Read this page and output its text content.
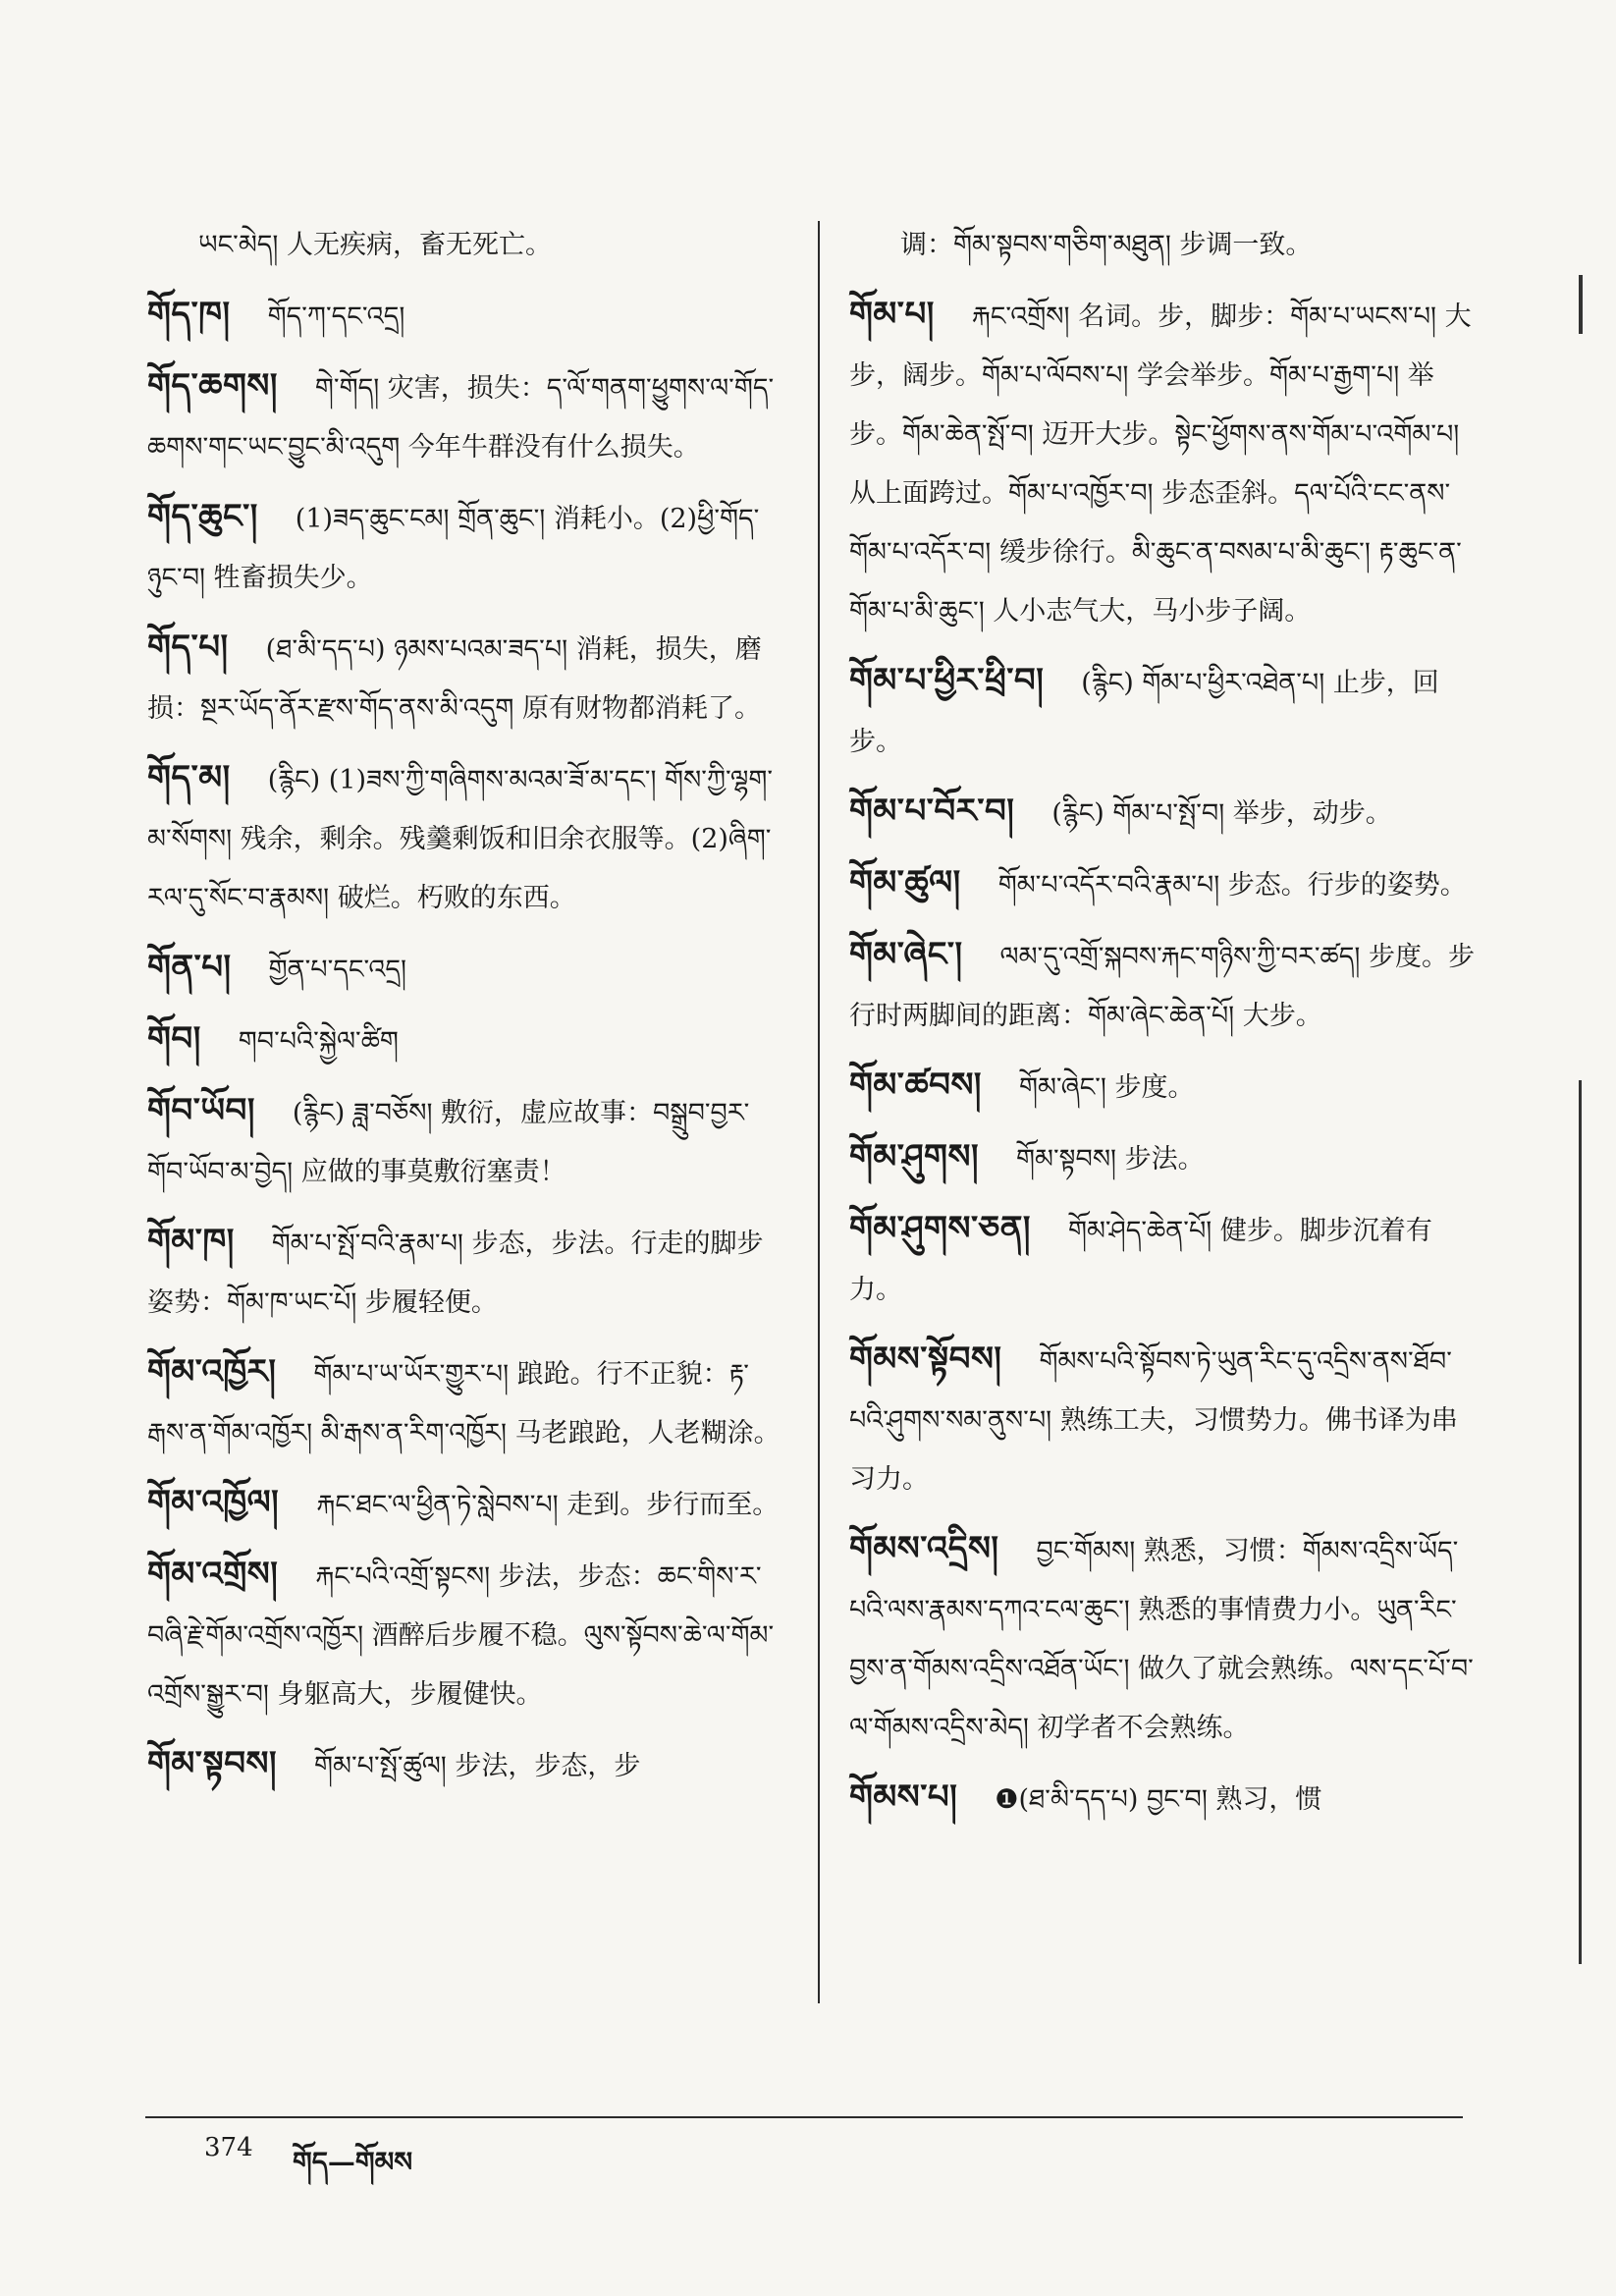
ཡང་མེད། 人无疾病，畜无死亡。
གོད་ཁ། གོད་ཀ་དང་འདྲ།
གོད་ཆགས། གེ་གོད། 灾害，损失：ད་ལོ་གནག་ཕྱུགས་ལ་གོད་ཆགས་གང་ཡང་བྱུང་མི་འདུག 今年牛群没有什么损失。
གོད་ཆུང་། (1)ཟད་ཆུང་ངམ། གྲོན་ཆུང་། 消耗小。(2)ཕྱི་གོད་ཉུང་བ། 牲畜损失少。
གོད་པ། (ཐ་མི་དད་པ) ཉམས་པའམ་ཟད་པ། 消耗，损失，磨损：སྔར་ཡོད་ནོར་རྫས་གོད་ནས་མི་འདུག 原有财物都消耗了。
གོད་མ། (རྙིང) (1)ཟས་ཀྱི་གཞིགས་མའམ་ཟོ་མ་དང་། གོས་ཀྱི་ལྷག་མ་སོགས། 残余，剩余。残羹剩饭和旧余衣服等。(2)ཞིག་རལ་དུ་སོང་བ་རྣམས། 破烂。朽败的东西。
གོན་པ། གྱོན་པ་དང་འདྲ།
གོབ། གབ་པའི་སྐྱེལ་ཚིག
གོབ་ཡོབ། (རྙིང) ཟླ་བཅོས། 敷衍，虚应故事：བསྒྲུབ་བྱར་གོབ་ཡོབ་མ་བྱེད། 应做的事莫敷衍塞责！
གོམ་ཁ། གོམ་པ་སྤོ་བའི་རྣམ་པ། 步态，步法。行走的脚步姿势：གོམ་ཁ་ཡང་པོ། 步履轻便。
གོམ་འཁྱོར། གོམ་པ་ཡ་ཡོར་གྱུར་པ། 踉跄。行不正貌：རྟ་རྒས་ན་གོམ་འཁྱོར། མི་རྒས་ན་རིག་འཁྱོར། 马老踉跄，人老糊涂。
གོམ་འཁྱོལ། རྐང་ཐང་ལ་ཕྱིན་ཏེ་སླེབས་པ། 走到。步行而至。
གོམ་འགྲོས། རྐང་པའི་འགྲོ་སྟངས། 步法，步态：ཆང་གིས་ར་བཞི་རྗེ་གོམ་འགྲོས་འཁྱོར། 酒醉后步履不稳。ལུས་སྟོབས་ཆེ་ལ་གོམ་འགྲོས་སྒྱུར་བ། 身躯高大，步履健快。
གོམ་སྟབས། གོམ་པ་སྤོ་ཚུལ། 步法，步态，步
调：གོམ་སྟབས་གཅིག་མཐུན། 步调一致。
གོམ་པ། རྐང་འགྲོས། 名词。步，脚步：གོམ་པ་ཡངས་པ། 大步，阔步。གོམ་པ་ལོབས་པ། 学会举步。གོམ་པ་རྒྱག་པ། 举步。གོམ་ཆེན་སྤོ་བ། 迈开大步。སྟེང་ཕྱོགས་ནས་གོམ་པ་འགོམ་པ། 从上面跨过。གོམ་པ་འཁྱོར་བ། 步态歪斜。དལ་པོའི་ངང་ནས་གོམ་པ་འདོར་བ། 缓步徐行。མི་ཆུང་ན་བསམ་པ་མི་ཆུང་། རྟ་ཆུང་ན་གོམ་པ་མི་ཆུང་། 人小志气大，马小步子阔。
གོམ་པ་ཕྱིར་ཕྲི་བ། (རྙིང) གོམ་པ་ཕྱིར་འཐེན་པ། 止步，回步。
གོམ་པ་བོར་བ། (རྙིང) གོམ་པ་སྤོ་བ། 举步，动步。
གོམ་ཚུལ། གོམ་པ་འདོར་བའི་རྣམ་པ། 步态。行步的姿势。
གོམ་ཞེང་། ལམ་དུ་འགྲོ་སྐབས་རྐང་གཉིས་ཀྱི་བར་ཚད། 步度。步行时两脚间的距离：གོམ་ཞེང་ཆེན་པོ། 大步。
གོམ་ཚབས། གོམ་ཞེང་། 步度。
གོམ་ཤུགས། གོམ་སྟབས། 步法。
གོམ་ཤུགས་ཅན། གོམ་ཤེད་ཆེན་པོ། 健步。脚步沉着有力。
གོམས་སྟོབས། གོམས་པའི་སྟོབས་ཏེ་ཡུན་རིང་དུ་འདྲིས་ནས་ཐོབ་པའི་ཤུགས་སམ་ནུས་པ། 熟练工夫，习惯势力。佛书译为串习力。
གོམས་འདྲིས། བྱང་གོམས། 熟悉，习惯：གོམས་འདྲིས་ཡོད་པའི་ལས་རྣམས་དཀའ་ངལ་ཆུང་། 熟悉的事情费力小。ཡུན་རིང་བྱས་ན་གོམས་འདྲིས་འཐོན་ཡོང་། 做久了就会熟练。ལས་དང་པོ་བ་ལ་གོམས་འདྲིས་མེད། 初学者不会熟练。
གོམས་པ། ❶(ཐ་མི་དད་པ) བྱང་བ། 熟习，惯
374 གོད—གོམས
